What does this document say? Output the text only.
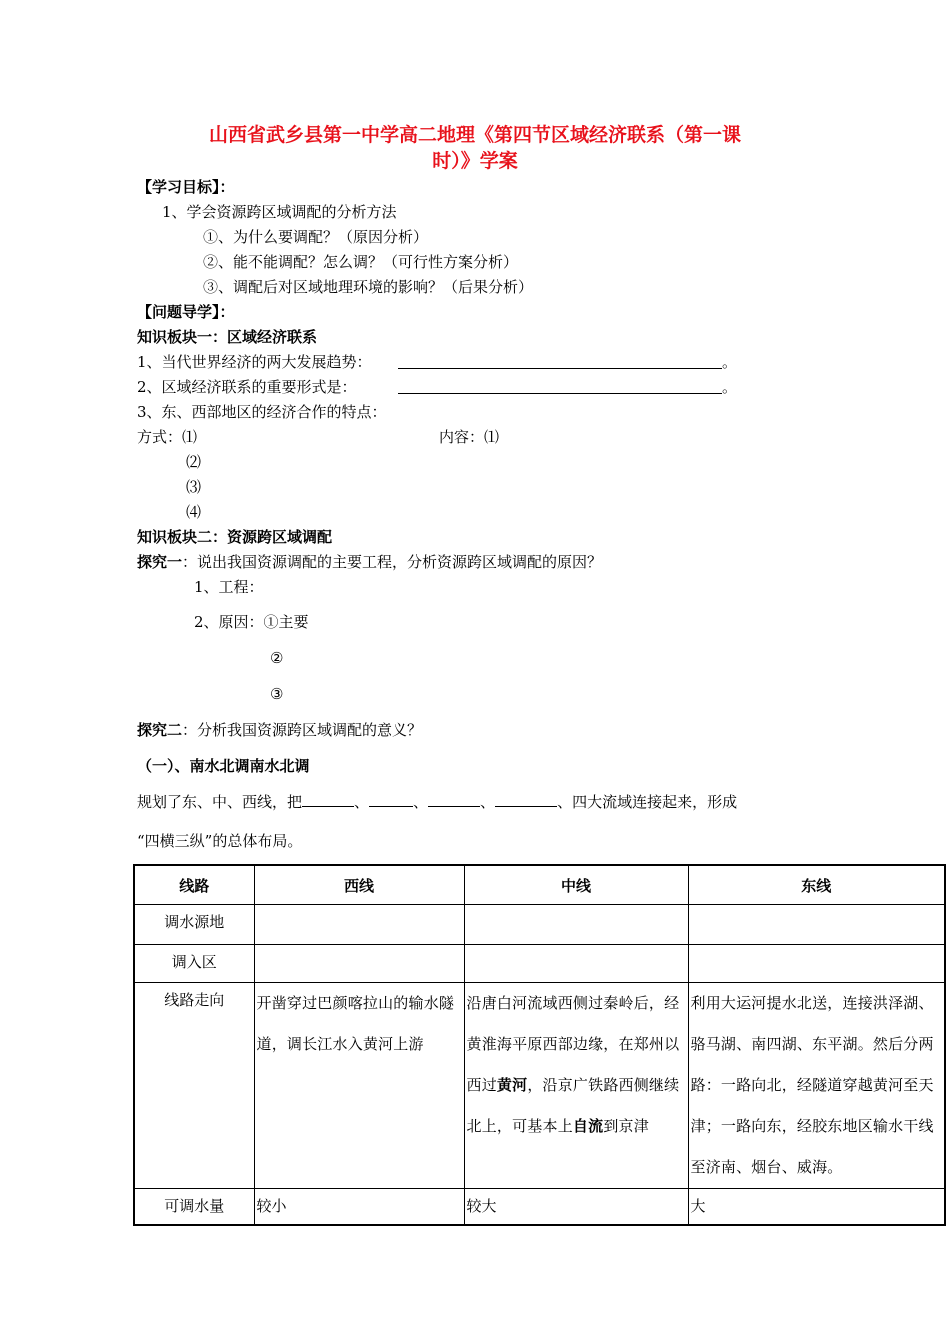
山西省武乡县第一中学高二地理《第四节区域经济联系（第一课
时）》学案
【学习目标】：
1、学会资源跨区域调配的分析方法
①、为什么要调配？（原因分析）
②、能不能调配？怎么调？（可行性方案分析）
③、调配后对区域地理环境的影响？（后果分析）
【问题导学】：
知识板块一：区域经济联系
1、当代世界经济的两大发展趋势：	。
2、区域经济联系的重要形式是：	。
3、东、西部地区的经济合作的特点：
方式：⑴	内容：⑴
⑵
⑶
⑷
知识板块二：资源跨区域调配
探究一：说出我国资源调配的主要工程，分析资源跨区域调配的原因？
1、工程：
2、原因：①主要
②
③
探究二：分析我国资源跨区域调配的意义？
（一）、南水北调南水北调
规划了东、中、西线，把	、	、	、	、四大流域连接起来，形成
“四横三纵”的总体布局。
线路	西线	中线	东线
调水源地			
调入区			
线路走向	开凿穿过巴颜喀拉山的输水隧道，调长江水入黄河上游	沿唐白河流域西侧过秦岭后，经黄淮海平原西部边缘，在郑州以西过黄河，沿京广铁路西侧继续北上，可基本上自流到京津	利用大运河提水北送，连接洪泽湖、骆马湖、南四湖、东平湖。然后分两路：一路向北，经隧道穿越黄河至天津；一路向东，经胶东地区输水干线至济南、烟台、威海。
可调水量	较小	较大	大
